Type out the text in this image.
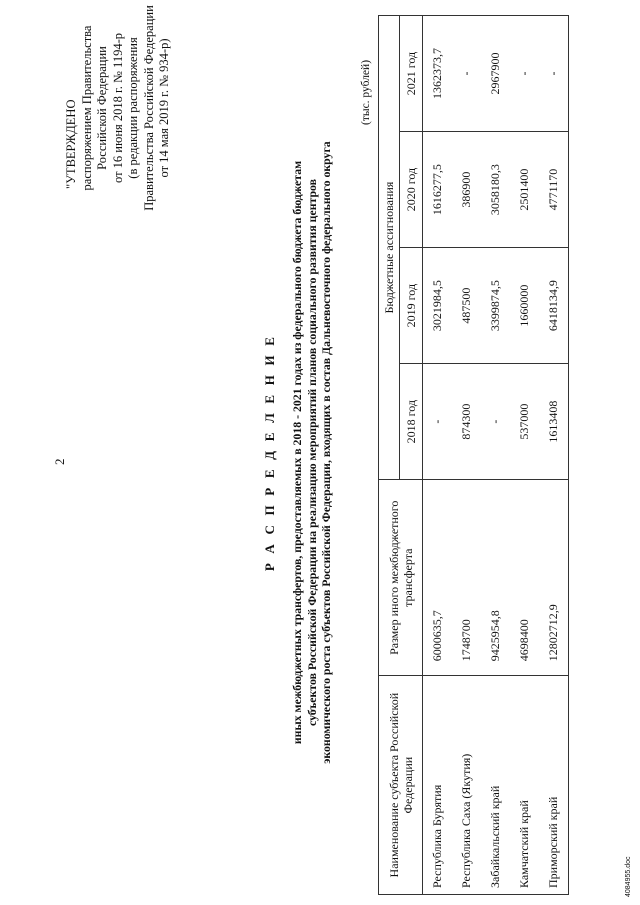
2
"УТВЕРЖДЕНО распоряжением Правительства Российской Федерации от 16 июня 2018 г. № 1194-р (в редакции распоряжения Правительства Российской Федерации от 14 мая 2019 г. № 934-р)
Р А С П Р Е Д Е Л Е Н И Е иных межбюджетных трансфертов, предоставляемых в 2018 - 2021 годах из федерального бюджета бюджетам субъектов Российской Федерации на реализацию мероприятий планов социального развития центров экономического роста субъектов Российской Федерации, входящих в состав Дальневосточного федерального округа
(тыс. рублей)
Наименование субъекта Российской Федерации	Размер иного межбюджетного трансферта	Бюджетные ассигнования			
		2018 год	2019 год	2020 год	2021 год
Республика Бурятия	6000635,7	-	3021984,5	1616277,5	1362373,7
Республика Саха (Якутия)	1748700	874300	487500	386900	-
Забайкальский край	9425954,8	-	3399874,5	3058180,3	2967900
Камчатский край	4698400	537000	1660000	2501400	-
Приморский край	12802712,9	1613408	6418134,9	4771170	-
4084955.doc
